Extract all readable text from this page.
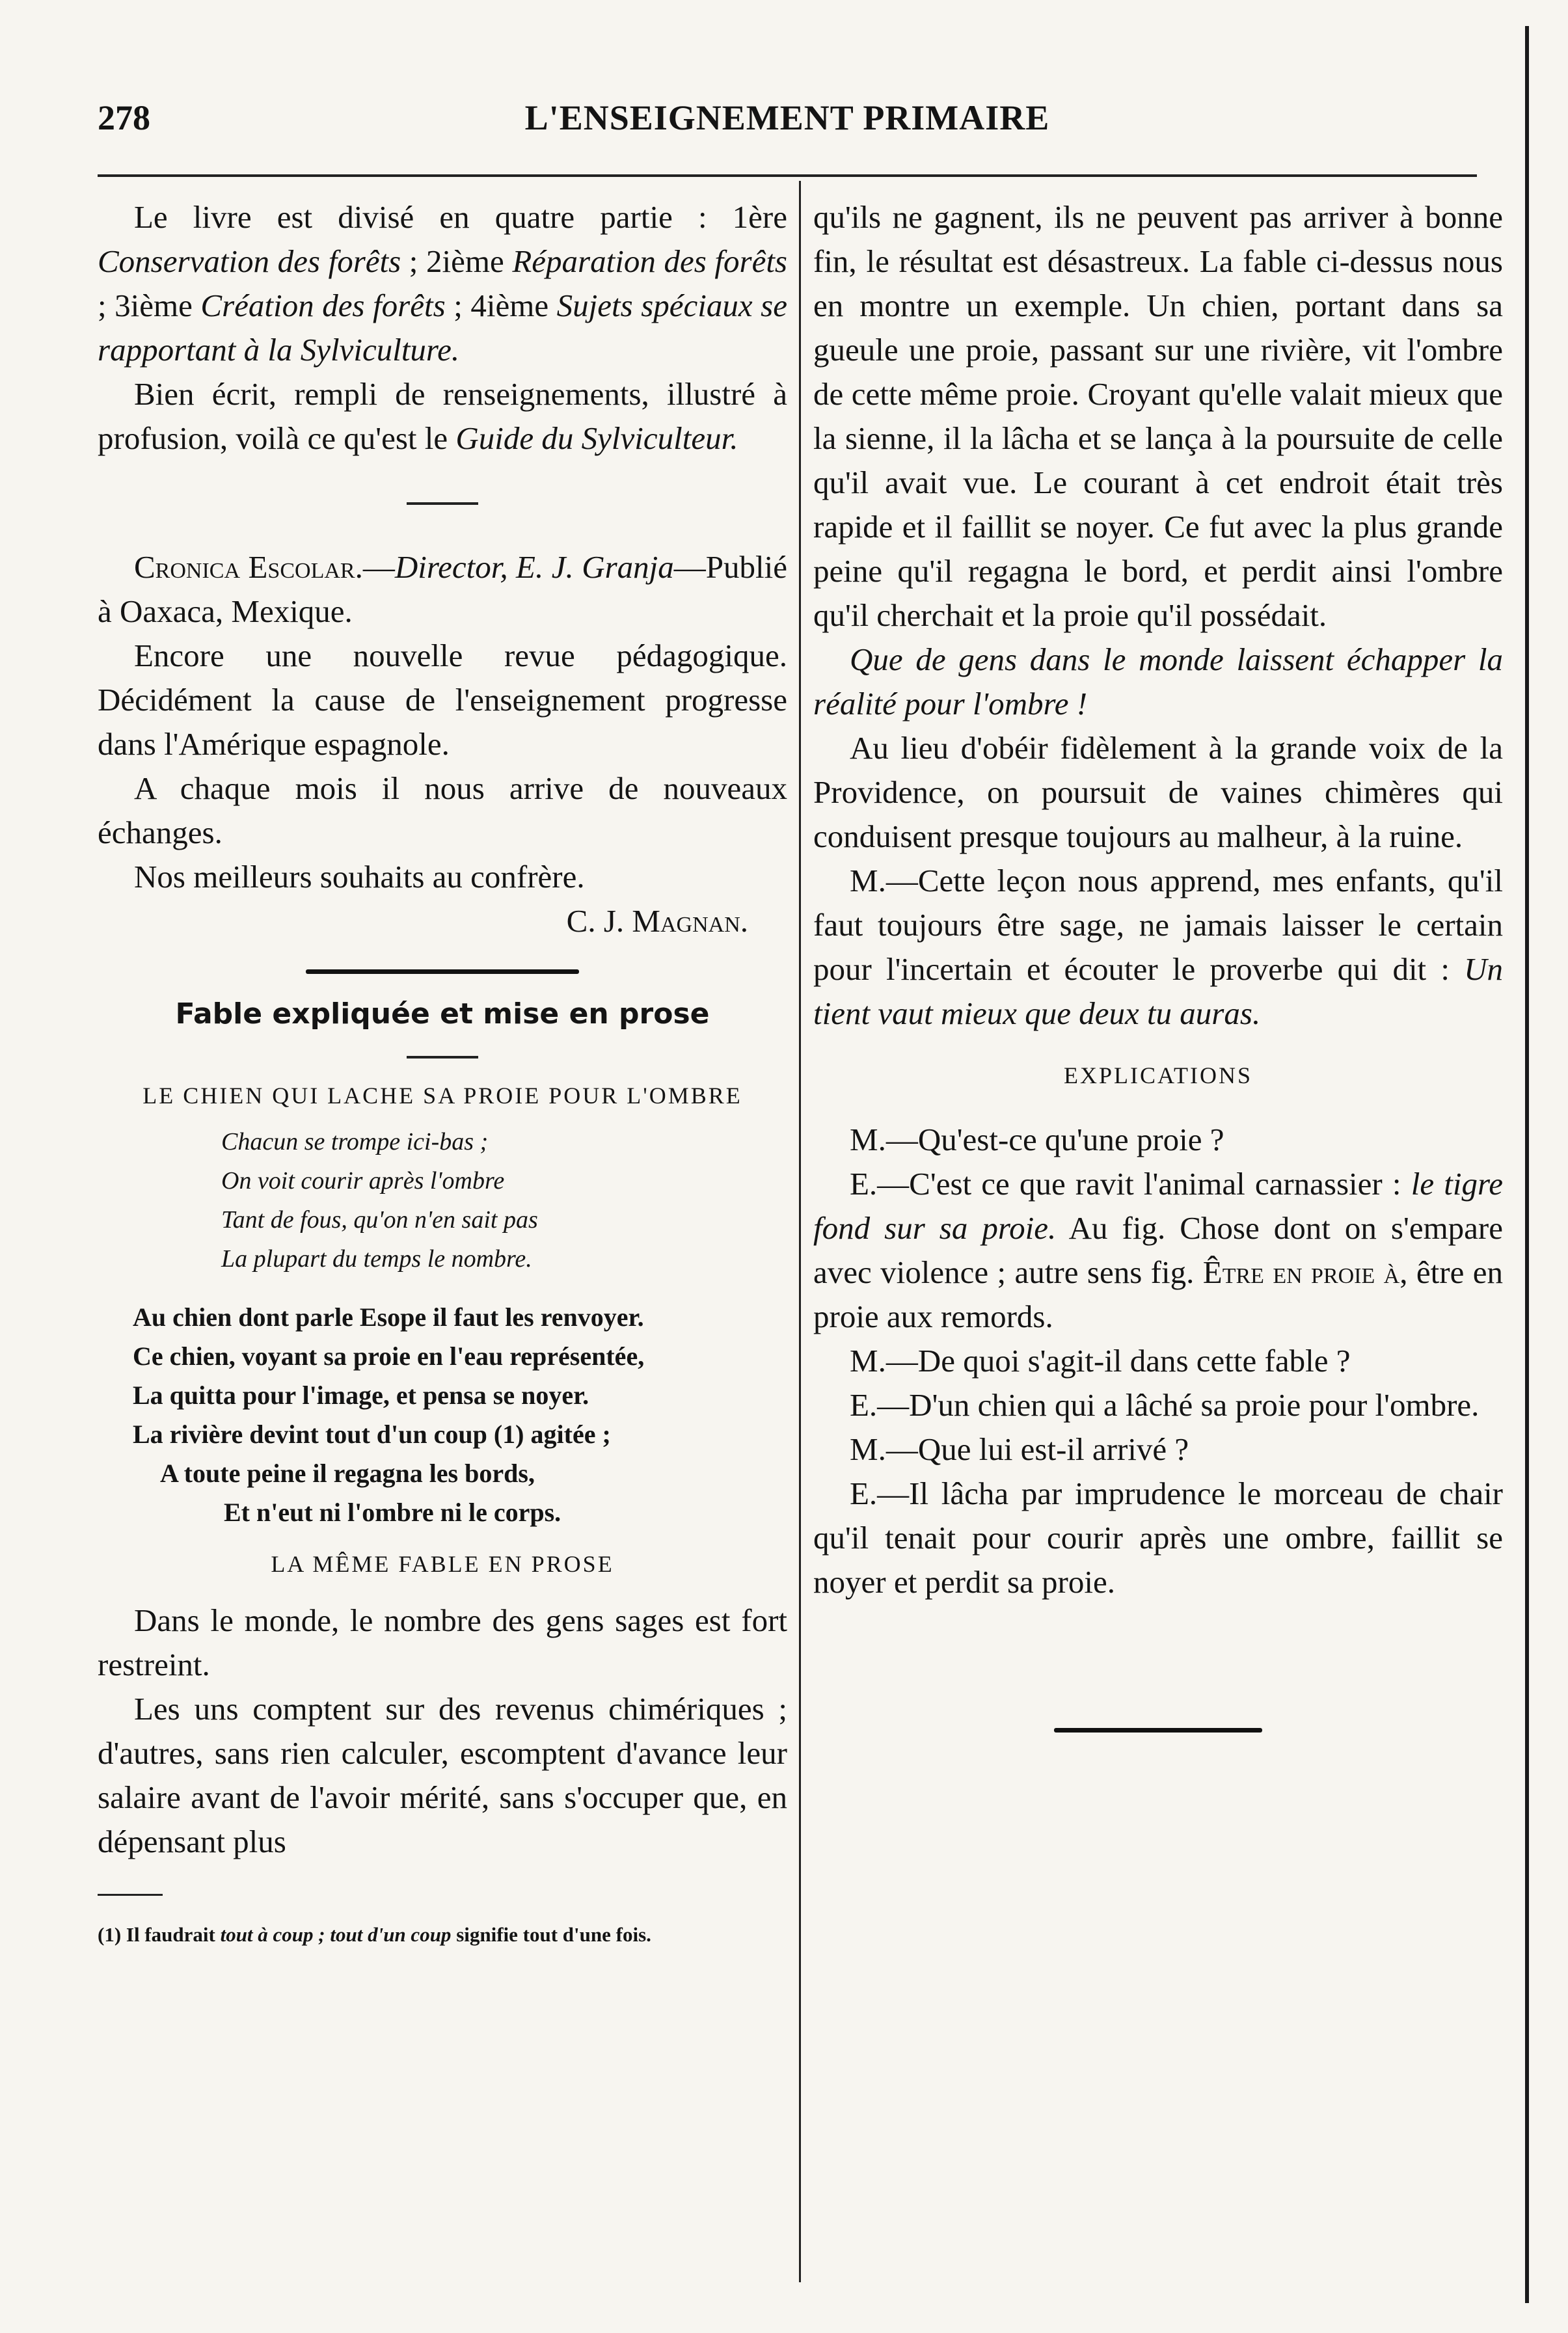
278	L'ENSEIGNEMENT PRIMAIRE

Le livre est divisé en quatre partie : 1ère Conservation des forêts ; 2ième Réparation des forêts ; 3ième Création des forêts ; 4ième Sujets spéciaux se rapportant à la Sylviculture.

Bien écrit, rempli de renseignements, illustré à profusion, voilà ce qu'est le Guide du Sylviculteur.

Cronica Escolar.—Director, E. J. Granja—Publié à Oaxaca, Mexique.

Encore une nouvelle revue pédagogique. Décidément la cause de l'enseignement progresse dans l'Amérique espagnole.

A chaque mois il nous arrive de nouveaux échanges.

Nos meilleurs souhaits au confrère.

C. J. Magnan.

Fable expliquée et mise en prose
LE CHIEN QUI LACHE SA PROIE POUR L'OMBRE
Chacun se trompe ici-bas ;
On voit courir après l'ombre
Tant de fous, qu'on n'en sait pas
La plupart du temps le nombre.
Au chien dont parle Esope il faut les renvoyer.
Ce chien, voyant sa proie en l'eau représentée,
La quitta pour l'image, et pensa se noyer.
La rivière devint tout d'un coup (1) agitée ;
A toute peine il regagna les bords,
Et n'eut ni l'ombre ni le corps.
LA MÊME FABLE EN PROSE

Dans le monde, le nombre des gens sages est fort restreint.

Les uns comptent sur des revenus chimériques ; d'autres, sans rien calculer, escomptent d'avance leur salaire avant de l'avoir mérité, sans s'occuper que, en dépensant plus

(1) Il faudrait tout à coup ; tout d'un coup signifie tout d'une fois.

qu'ils ne gagnent, ils ne peuvent pas arriver à bonne fin, le résultat est désastreux. La fable ci-dessus nous en montre un exemple. Un chien, portant dans sa gueule une proie, passant sur une rivière, vit l'ombre de cette même proie. Croyant qu'elle valait mieux que la sienne, il la lâcha et se lança à la poursuite de celle qu'il avait vue. Le courant à cet endroit était très rapide et il faillit se noyer. Ce fut avec la plus grande peine qu'il regagna le bord, et perdit ainsi l'ombre qu'il cherchait et la proie qu'il possédait.

Que de gens dans le monde laissent échapper la réalité pour l'ombre !

Au lieu d'obéir fidèlement à la grande voix de la Providence, on poursuit de vaines chimères qui conduisent presque toujours au malheur, à la ruine.

M.—Cette leçon nous apprend, mes enfants, qu'il faut toujours être sage, ne jamais laisser le certain pour l'incertain et écouter le proverbe qui dit : Un tient vaut mieux que deux tu auras.

EXPLICATIONS

M.—Qu'est-ce qu'une proie ?

E.—C'est ce que ravit l'animal carnassier : le tigre fond sur sa proie. Au fig. Chose dont on s'empare avec violence ; autre sens fig. Être en proie à, être en proie aux remords.

M.—De quoi s'agit-il dans cette fable ?

E.—D'un chien qui a lâché sa proie pour l'ombre.

M.—Que lui est-il arrivé ?

E.—Il lâcha par imprudence le morceau de chair qu'il tenait pour courir après une ombre, faillit se noyer et perdit sa proie.
